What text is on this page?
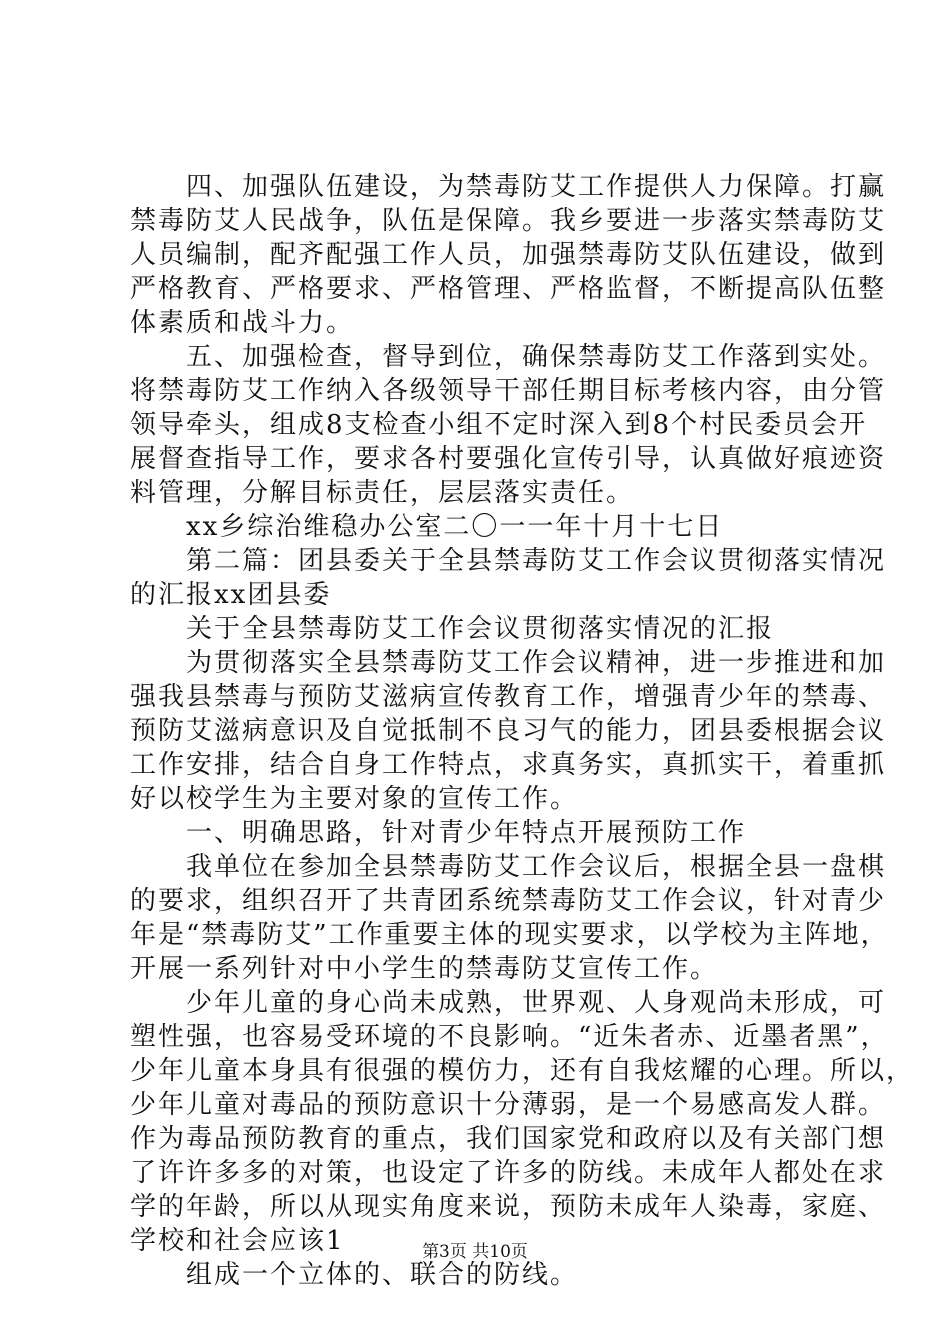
　　四、加强队伍建设，为禁毒防艾工作提供人力保障。打赢
禁毒防艾人民战争，队伍是保障。我乡要进一步落实禁毒防艾
人员编制，配齐配强工作人员，加强禁毒防艾队伍建设，做到
严格教育、严格要求、严格管理、严格监督，不断提高队伍整
体素质和战斗力。
　　五、加强检查，督导到位，确保禁毒防艾工作落到实处。
将禁毒防艾工作纳入各级领导干部任期目标考核内容，由分管
领导牵头，组成8支检查小组不定时深入到8个村民委员会开
展督查指导工作，要求各村要强化宣传引导，认真做好痕迹资
料管理，分解目标责任，层层落实责任。
　　xx乡综治维稳办公室二〇一一年十月十七日
　　第二篇：团县委关于全县禁毒防艾工作会议贯彻落实情况
的汇报xx团县委
　　关于全县禁毒防艾工作会议贯彻落实情况的汇报
　　为贯彻落实全县禁毒防艾工作会议精神，进一步推进和加
强我县禁毒与预防艾滋病宣传教育工作，增强青少年的禁毒、
预防艾滋病意识及自觉抵制不良习气的能力，团县委根据会议
工作安排，结合自身工作特点，求真务实，真抓实干，着重抓
好以校学生为主要对象的宣传工作。
　　一、明确思路，针对青少年特点开展预防工作
　　我单位在参加全县禁毒防艾工作会议后，根据全县一盘棋
的要求，组织召开了共青团系统禁毒防艾工作会议，针对青少
年是“禁毒防艾”工作重要主体的现实要求，以学校为主阵地，
开展一系列针对中小学生的禁毒防艾宣传工作。
　　少年儿童的身心尚未成熟，世界观、人身观尚未形成，可
塑性强，也容易受环境的不良影响。“近朱者赤、近墨者黑”，
少年儿童本身具有很强的模仿力，还有自我炫耀的心理。所以，
少年儿童对毒品的预防意识十分薄弱，是一个易感高发人群。
作为毒品预防教育的重点，我们国家党和政府以及有关部门想
了许许多多的对策，也设定了许多的防线。未成年人都处在求
学的年龄，所以从现实角度来说，预防未成年人染毒，家庭、
学校和社会应该1
　　组成一个立体的、联合的防线。

第3页 共10页
